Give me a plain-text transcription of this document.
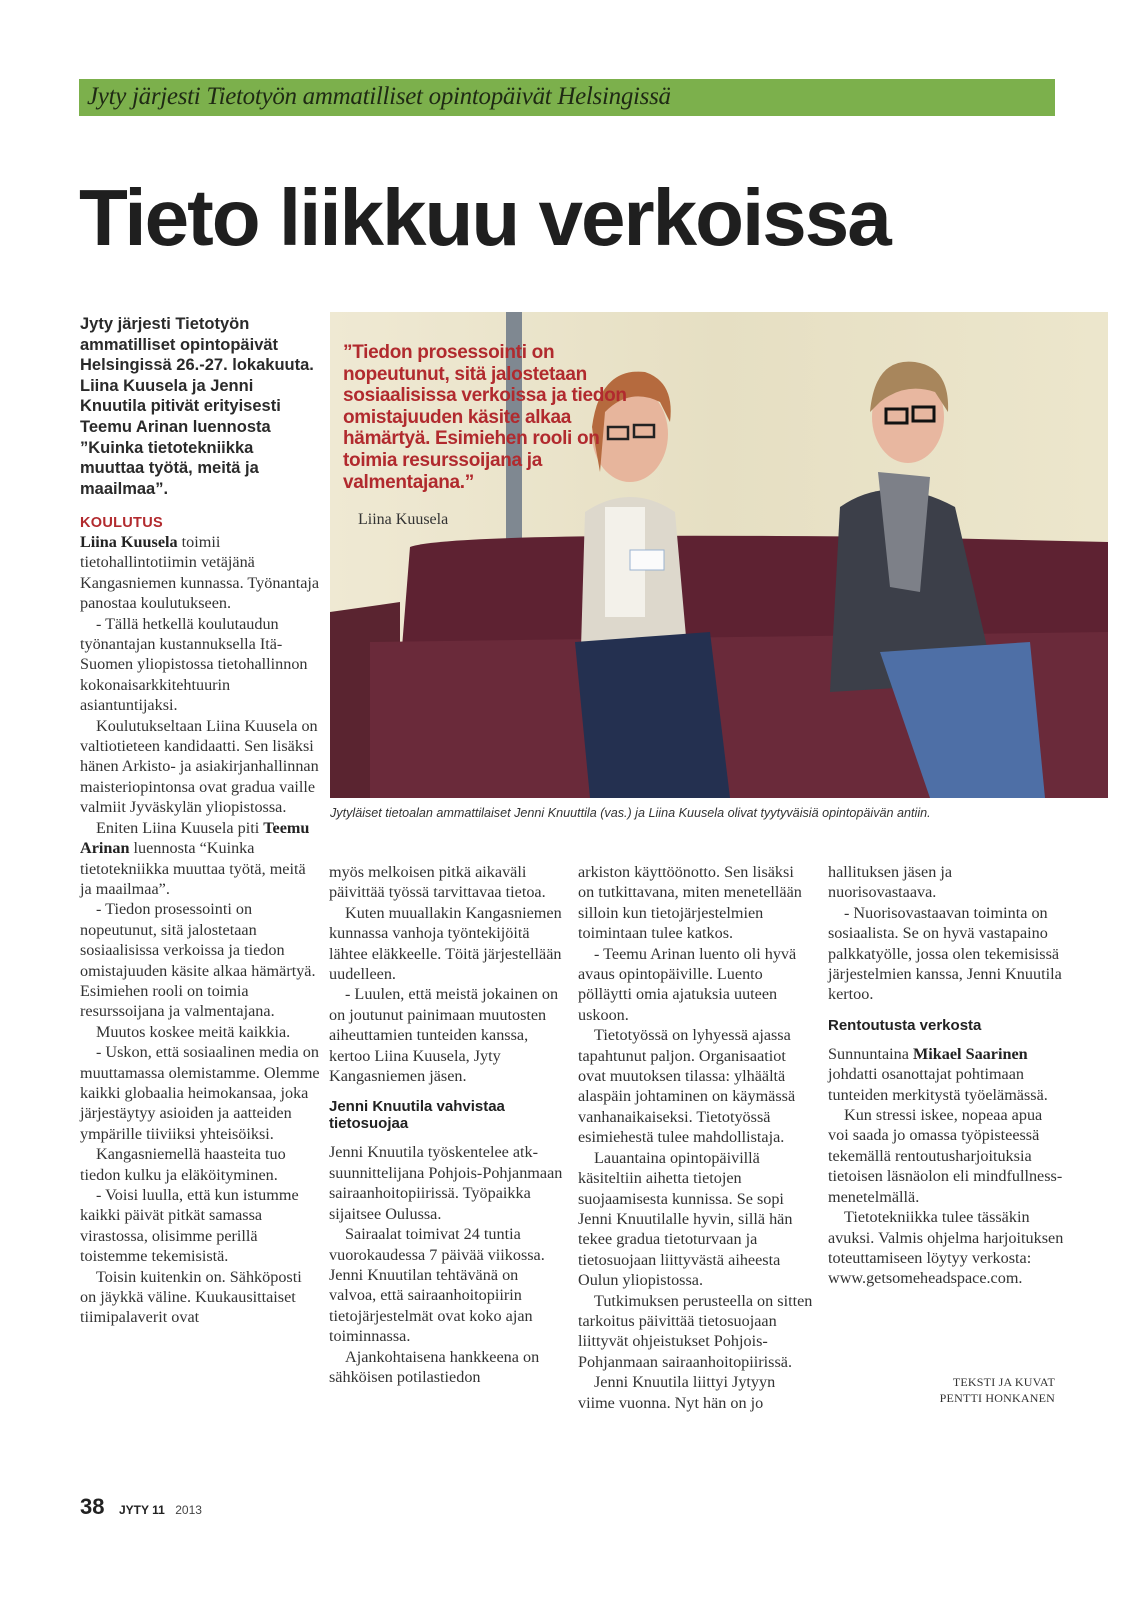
Jyty järjesti Tietotyön ammatilliset opintopäivät Helsingissä
Tieto liikkuu verkoissa

Jyty järjesti Tietotyön ammatilliset opintopäivät Helsingissä 26.-27. lokakuuta. Liina Kuusela ja Jenni Knuutila pitivät erityisesti Teemu Arinan luennosta ”Kuinka tietotekniikka muuttaa työtä, meitä ja maailmaa”.

”Tiedon prosessointi on nopeutunut, sitä jalostetaan sosiaalisissa verkoissa ja tiedon omistajuuden käsite alkaa hämärtyä. Esimiehen rooli on toimia resurssoijana ja valmentajana.”
Liina Kuusela
Jytyläiset tietoalan ammattilaiset Jenni Knuuttila (vas.) ja Liina Kuusela olivat tyytyväisiä opintopäivän antiin.

KOULUTUS

Liina Kuusela toimii tietohallintotiimin vetäjänä Kangasniemen kunnassa. Työnantaja panostaa koulutukseen.

- Tällä hetkellä koulutaudun työnantajan kustannuksella Itä-Suomen yliopistossa tietohallinnon kokonaisarkkitehtuurin asiantuntijaksi.

Koulutukseltaan Liina Kuusela on valtiotieteen kandidaatti. Sen lisäksi hänen Arkisto- ja asiakirjanhallinnan maisteriopintonsa ovat gradua vaille valmiit Jyväskylän yliopistossa.

Eniten Liina Kuusela piti Teemu Arinan luennosta “Kuinka tietotekniikka muuttaa työtä, meitä ja maailmaa”.

- Tiedon prosessointi on nopeutunut, sitä jalostetaan sosiaalisissa verkoissa ja tiedon omistajuuden käsite alkaa hämärtyä. Esimiehen rooli on toimia resurssoijana ja valmentajana.

Muutos koskee meitä kaikkia.

- Uskon, että sosiaalinen media on muuttamassa olemistamme. Olemme kaikki globaalia heimokansaa, joka järjestäytyy asioiden ja aatteiden ympärille tiiviiksi yhteisöiksi.

Kangasniemellä haasteita tuo tiedon kulku ja eläköityminen.

- Voisi luulla, että kun istumme kaikki päivät pitkät samassa virastossa, olisimme perillä toistemme tekemisistä.

Toisin kuitenkin on. Sähköposti on jäykkä väline. Kuukausittaiset tiimipalaverit ovat

myös melkoisen pitkä aikaväli päivittää työssä tarvittavaa tietoa.

Kuten muuallakin Kangasniemen kunnassa vanhoja työntekijöitä lähtee eläkkeelle. Töitä järjestellään uudelleen.

- Luulen, että meistä jokainen on on joutunut painimaan muutosten aiheuttamien tunteiden kanssa, kertoo Liina Kuusela, Jyty Kangasniemen jäsen.

Jenni Knuutila vahvistaa tietosuojaa

Jenni Knuutila työskentelee atk-suunnittelijana Pohjois-Pohjanmaan sairaanhoitopiirissä. Työpaikka sijaitsee Oulussa.

Sairaalat toimivat 24 tuntia vuorokaudessa 7 päivää viikossa. Jenni Knuutilan tehtävänä on valvoa, että sairaanhoitopiirin tietojärjestelmät ovat koko ajan toiminnassa.

Ajankohtaisena hankkeena on sähköisen potilastiedon

arkiston käyttöönotto. Sen lisäksi on tutkittavana, miten menetellään silloin kun tietojärjestelmien toimintaan tulee katkos.

- Teemu Arinan luento oli hyvä avaus opintopäiville. Luento pölläytti omia ajatuksia uuteen uskoon.

Tietotyössä on lyhyessä ajassa tapahtunut paljon. Organisaatiot ovat muutoksen tilassa: ylhäältä alaspäin johtaminen on käymässä vanhanaikaiseksi. Tietotyössä esimiehestä tulee mahdollistaja.

Lauantaina opintopäivillä käsiteltiin aihetta tietojen suojaamisesta kunnissa. Se sopi Jenni Knuutilalle hyvin, sillä hän tekee gradua tietoturvaan ja tietosuojaan liittyvästä aiheesta Oulun yliopistossa.

Tutkimuksen perusteella on sitten tarkoitus päivittää tietosuojaan liittyvät ohjeistukset Pohjois-Pohjanmaan sairaanhoitopiirissä.

Jenni Knuutila liittyi Jytyyn viime vuonna. Nyt hän on jo

hallituksen jäsen ja nuorisovastaava.

- Nuorisovastaavan toiminta on sosiaalista. Se on hyvä vastapaino palkkatyölle, jossa olen tekemisissä järjestelmien kanssa, Jenni Knuutila kertoo.

Rentoutusta verkosta

Sunnuntaina Mikael Saarinen johdatti osanottajat pohtimaan tunteiden merkitystä työelämässä.

Kun stressi iskee, nopeaa apua voi saada jo omassa työpisteessä tekemällä rentoutusharjoituksia tietoisen läsnäolon eli mindfullness-menetelmällä.

Tietotekniikka tulee tässäkin avuksi. Valmis ohjelma harjoituksen toteuttamiseen löytyy verkosta: www.getsomeheadspace.com.

TEKSTI JA KUVAT
PENTTI HONKANEN
38 JYTY 11 2013
